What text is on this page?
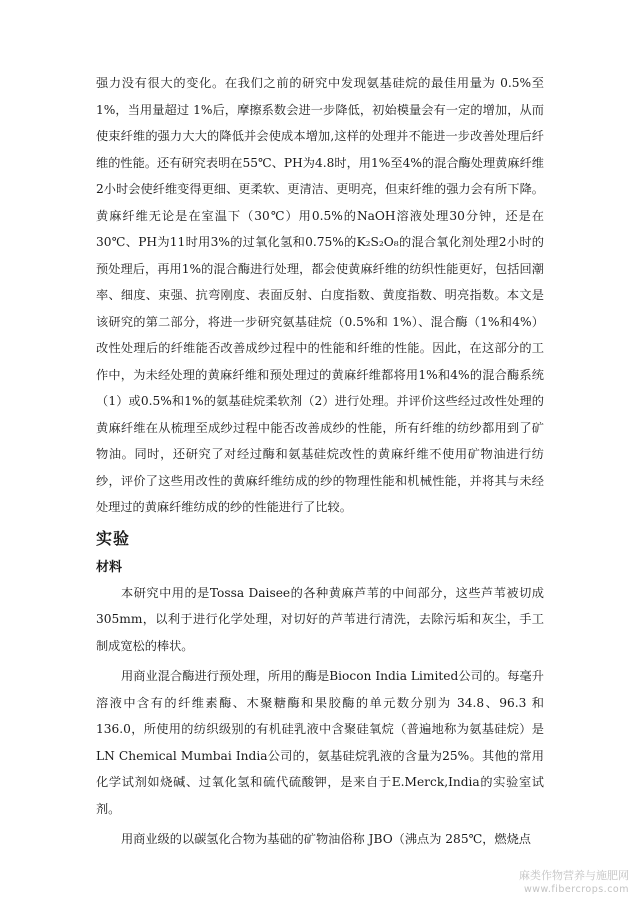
强力没有很大的变化。在我们之前的研究中发现氨基硅烷的最佳用量为 0.5%至 1%，当用量超过 1%后，摩擦系数会进一步降低，初始模量会有一定的增加，从而使束纤维的强力大大的降低并会使成本增加,这样的处理并不能进一步改善处理后纤维的性能。还有研究表明在55℃、PH为4.8时，用1%至4%的混合酶处理黄麻纤维2小时会使纤维变得更细、更柔软、更清洁、更明亮，但束纤维的强力会有所下降。黄麻纤维无论是在室温下（30℃）用0.5%的NaOH溶液处理30分钟，还是在30℃、PH为11时用3%的过氧化氢和0.75%的K₂S₂O₈的混合氧化剂处理2小时的预处理后，再用1%的混合酶进行处理，都会使黄麻纤维的纺织性能更好，包括回潮率、细度、束强、抗弯刚度、表面反射、白度指数、黄度指数、明亮指数。本文是该研究的第二部分，将进一步研究氨基硅烷（0.5%和 1%）、混合酶（1%和4%）改性处理后的纤维能否改善成纱过程中的性能和纤维的性能。因此，在这部分的工作中，为未经处理的黄麻纤维和预处理过的黄麻纤维都将用1%和4%的混合酶系统（1）或0.5%和1%的氨基硅烷柔软剂（2）进行处理。并评价这些经过改性处理的黄麻纤维在从梳理至成纱过程中能否改善成纱的性能，所有纤维的纺纱都用到了矿物油。同时，还研究了对经过酶和氨基硅烷改性的黄麻纤维不使用矿物油进行纺纱，评价了这些用改性的黄麻纤维纺成的纱的物理性能和机械性能，并将其与未经处理过的黄麻纤维纺成的纱的性能进行了比较。

实验
材料

本研究中用的是Tossa Daisee的各种黄麻芦苇的中间部分，这些芦苇被切成305mm，以利于进行化学处理，对切好的芦苇进行清洗，去除污垢和灰尘，手工制成宽松的棒状。

用商业混合酶进行预处理，所用的酶是Biocon India Limited公司的。每毫升溶液中含有的纤维素酶、木聚糖酶和果胶酶的单元数分别为 34.8、96.3 和 136.0，所使用的纺织级别的有机硅乳液中含聚硅氧烷（普遍地称为氨基硅烷）是LN Chemical Mumbai India公司的，氨基硅烷乳液的含量为25%。其他的常用化学试剂如烧碱、过氧化氢和硫代硫酸钾，是来自于E.Merck,India的实验室试剂。

用商业级的以碳氢化合物为基础的矿物油俗称 JBO（沸点为 285℃，燃烧点

麻类作物营养与施肥网
www.fibercrops.com
